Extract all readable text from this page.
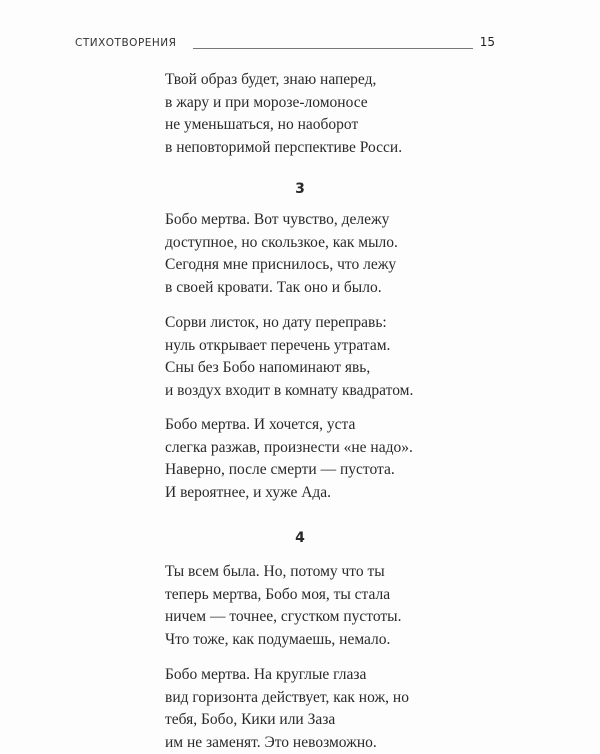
СТИХОТВОРЕНИЯ	15
Твой образ будет, знаю наперед,
в жару и при морозе-ломоносе
не уменьшаться, но наоборот
в неповторимой перспективе Росси.
3
Бобо мертва. Вот чувство, дележу
доступное, но скользкое, как мыло.
Сегодня мне приснилось, что лежу
в своей кровати. Так оно и было.
Сорви листок, но дату переправь:
нуль открывает перечень утратам.
Сны без Бобо напоминают явь,
и воздух входит в комнату квадратом.
Бобо мертва. И хочется, уста
слегка разжав, произнести «не надо».
Наверно, после смерти — пустота.
И вероятнее, и хуже Ада.
4
Ты всем была. Но, потому что ты
теперь мертва, Бобо моя, ты стала
ничем — точнее, сгустком пустоты.
Что тоже, как подумаешь, немало.
Бобо мертва. На круглые глаза
вид горизонта действует, как нож, но
тебя, Бобо, Кики или Заза
им не заменят. Это невозможно.
